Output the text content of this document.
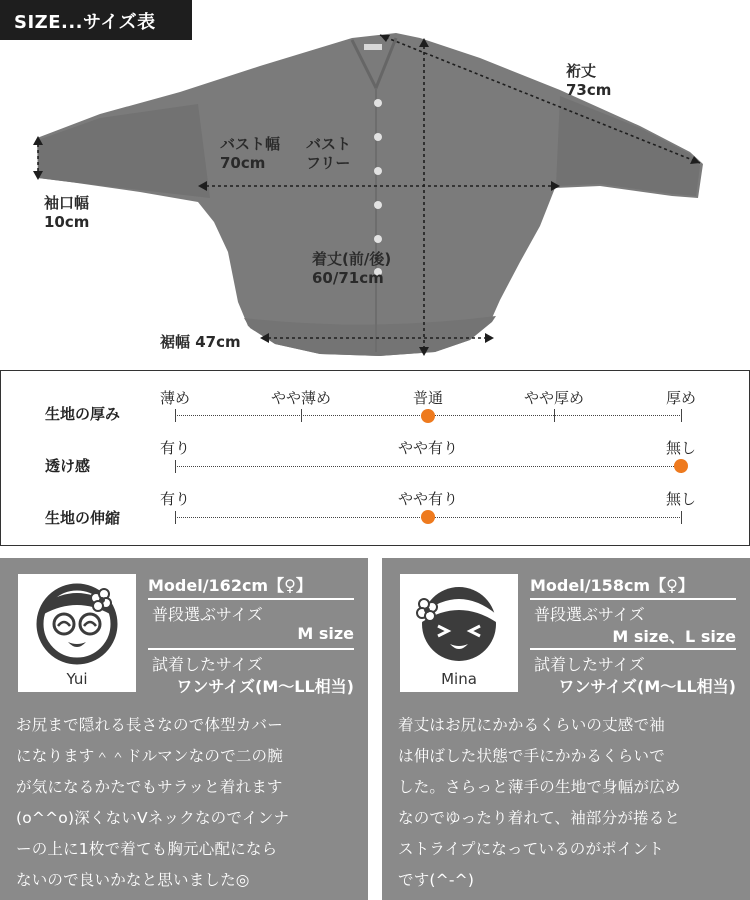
SIZE...サイズ表
裄丈
73cm
バスト幅
70cm
バスト
フリー
袖口幅
10cm
着丈(前/後)
60/71cm
裾幅 47cm
生地の厚み
薄め	やや薄め	普通	やや厚め	厚め
透け感
有り	やや有り	無し
生地の伸縮
有り	やや有り	無し
Yui
Model/162cm【♀】
普段選ぶサイズ
M size
試着したサイズ
ワンサイズ(M〜LL相当)
お尻まで隠れる長さなので体型カバー
になります＾＾ドルマンなので二の腕
が気になるかたでもサラッと着れます
(o^^o)深くないVネックなのでインナ
ーの上に1枚で着ても胸元心配になら
ないので良いかなと思いました◎
Mina
Model/158cm【♀】
普段選ぶサイズ
M size、L size
試着したサイズ
ワンサイズ(M〜LL相当)
着丈はお尻にかかるくらいの丈感で袖
は伸ばした状態で手にかかるくらいで
した。さらっと薄手の生地で身幅が広め
なのでゆったり着れて、袖部分が捲ると
ストライプになっているのがポイント
です(^-^)
